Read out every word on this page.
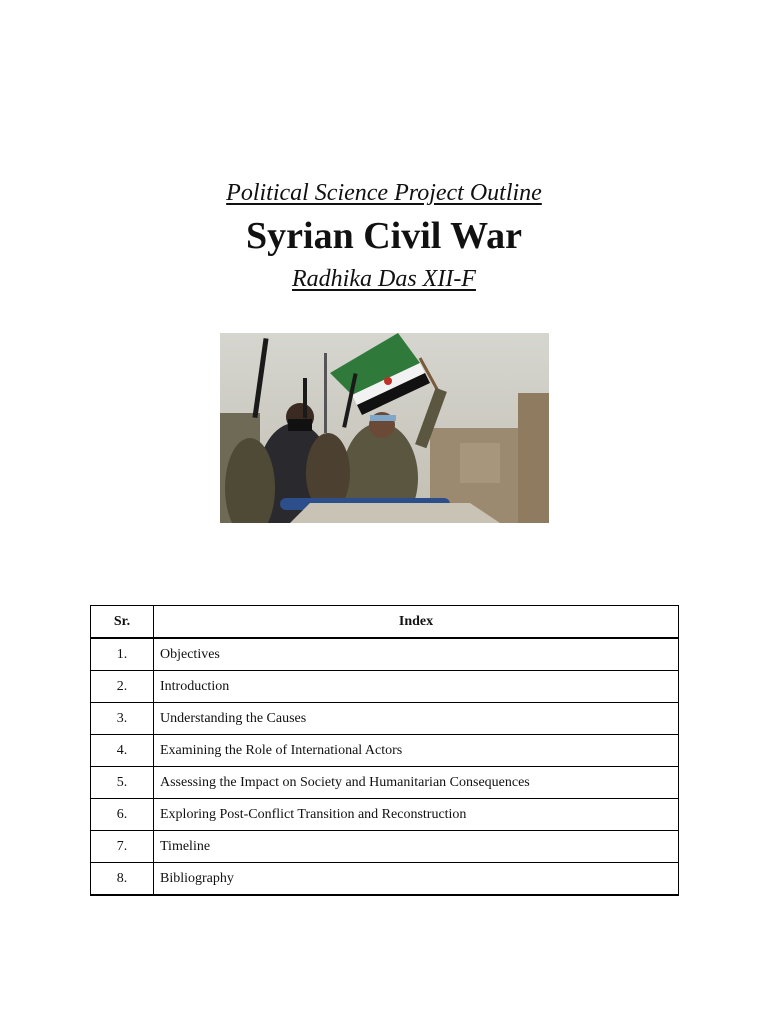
Political Science Project Outline
Syrian Civil War
Radhika Das XII-F
Sr.	Index
1.	Objectives
2.	Introduction
3.	Understanding the Causes
4.	Examining the Role of International Actors
5.	Assessing the Impact on Society and Humanitarian Consequences
6.	Exploring Post-Conflict Transition and Reconstruction
7.	Timeline
8.	Bibliography
